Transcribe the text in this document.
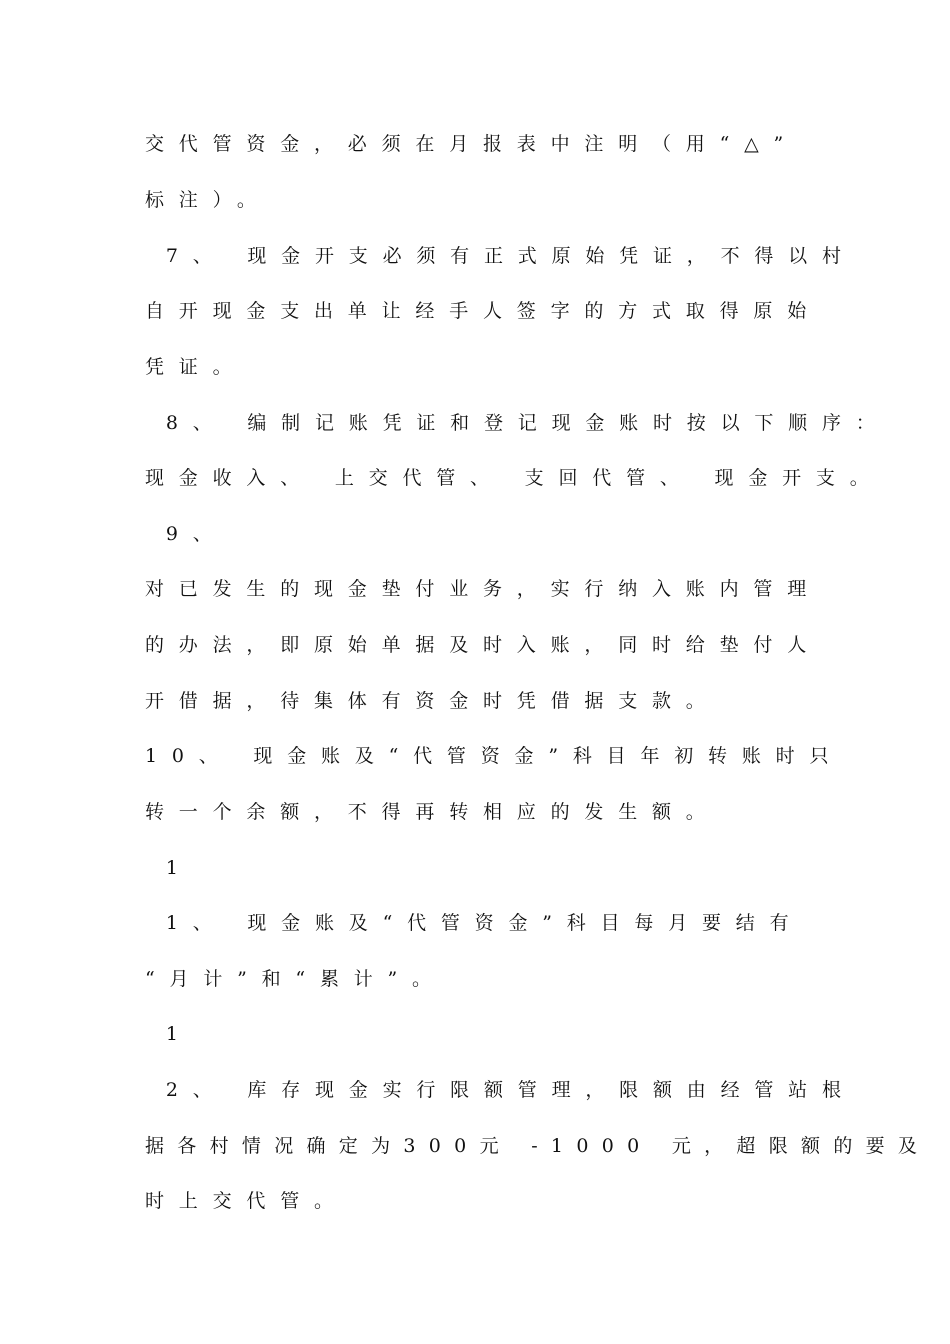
交代管资金，必须在月报表中注明（用“△”

标注）。

7、 现金开支必须有正式原始凭证，不得以村

自开现金支出单让经手人签字的方式取得原始

凭证。

8、 编制记账凭证和登记现金账时按以下顺序：

现金收入、 上交代管、 支回代管、 现金开支。

9、

对已发生的现金垫付业务，实行纳入账内管理

的办法，即原始单据及时入账，同时给垫付人

开借据，待集体有资金时凭借据支款。

10、 现金账及“代管资金”科目年初转账时只

转一个余额，不得再转相应的发生额。

1

1、 现金账及“代管资金”科目每月要结有

“月计”和“累计”。

1

2、 库存现金实行限额管理，限额由经管站根

据各村情况确定为300元 -1000 元，超限额的要及

时上交代管。
